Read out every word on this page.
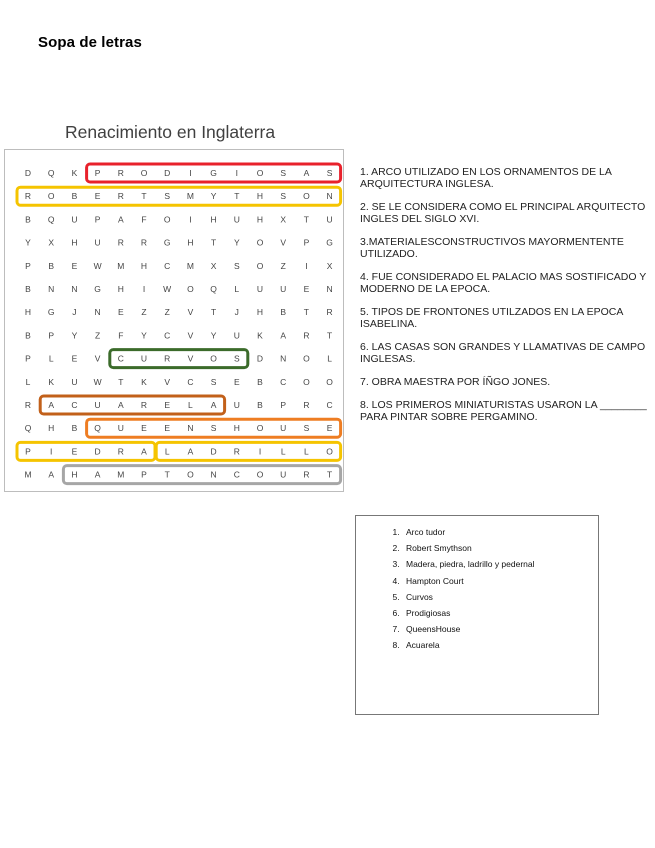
Sopa de letras
Renacimiento en Inglaterra
D Q K P R O D I G I O S A S
R O B E R T S M Y T H S O N
B Q U P A F O I H U H X T U
Y X H U R R G H T Y O V P G
P B E W M H C M X S O Z I X
B N N G H I W O Q L U U E N
H G J N E Z Z V T J H B T R
B P Y Z F Y C V Y U K A R T
P L E V C U R V O S D N O L
L K U W T K V C S E B C O O
R A C U A R E L A U B P R C
Q H B Q U E E N S H O U S E
P I E D R A L A D R I L L O
M A H A M P T O N C O U R T
1. ARCO UTILIZADO EN LOS ORNAMENTOS DE LA ARQUITECTURA INGLESA.
2. SE LE CONSIDERA COMO EL PRINCIPAL ARQUITECTO INGLES DEL SIGLO XVI.
3.MATERIALESCONSTRUCTIVOS MAYORMENTENTE UTILIZADO.
4. FUE CONSIDERADO EL PALACIO MAS SOSTIFICADO Y MODERNO DE LA EPOCA.
5. TIPOS DE FRONTONES UTILZADOS EN LA EPOCA ISABELINA.
6. LAS CASAS SON GRANDES Y LLAMATIVAS DE CAMPO INGLESAS.
7. OBRA MAESTRA POR ÍÑGO JONES.
8. LOS PRIMEROS MINIATURISTAS USARON LA ________ PARA PINTAR SOBRE PERGAMINO.
1. Arco tudor
2. Robert Smythson
3. Madera, piedra, ladrillo y pedernal
4. Hampton Court
5. Curvos
6. Prodigiosas
7. QueensHouse
8. Acuarela
